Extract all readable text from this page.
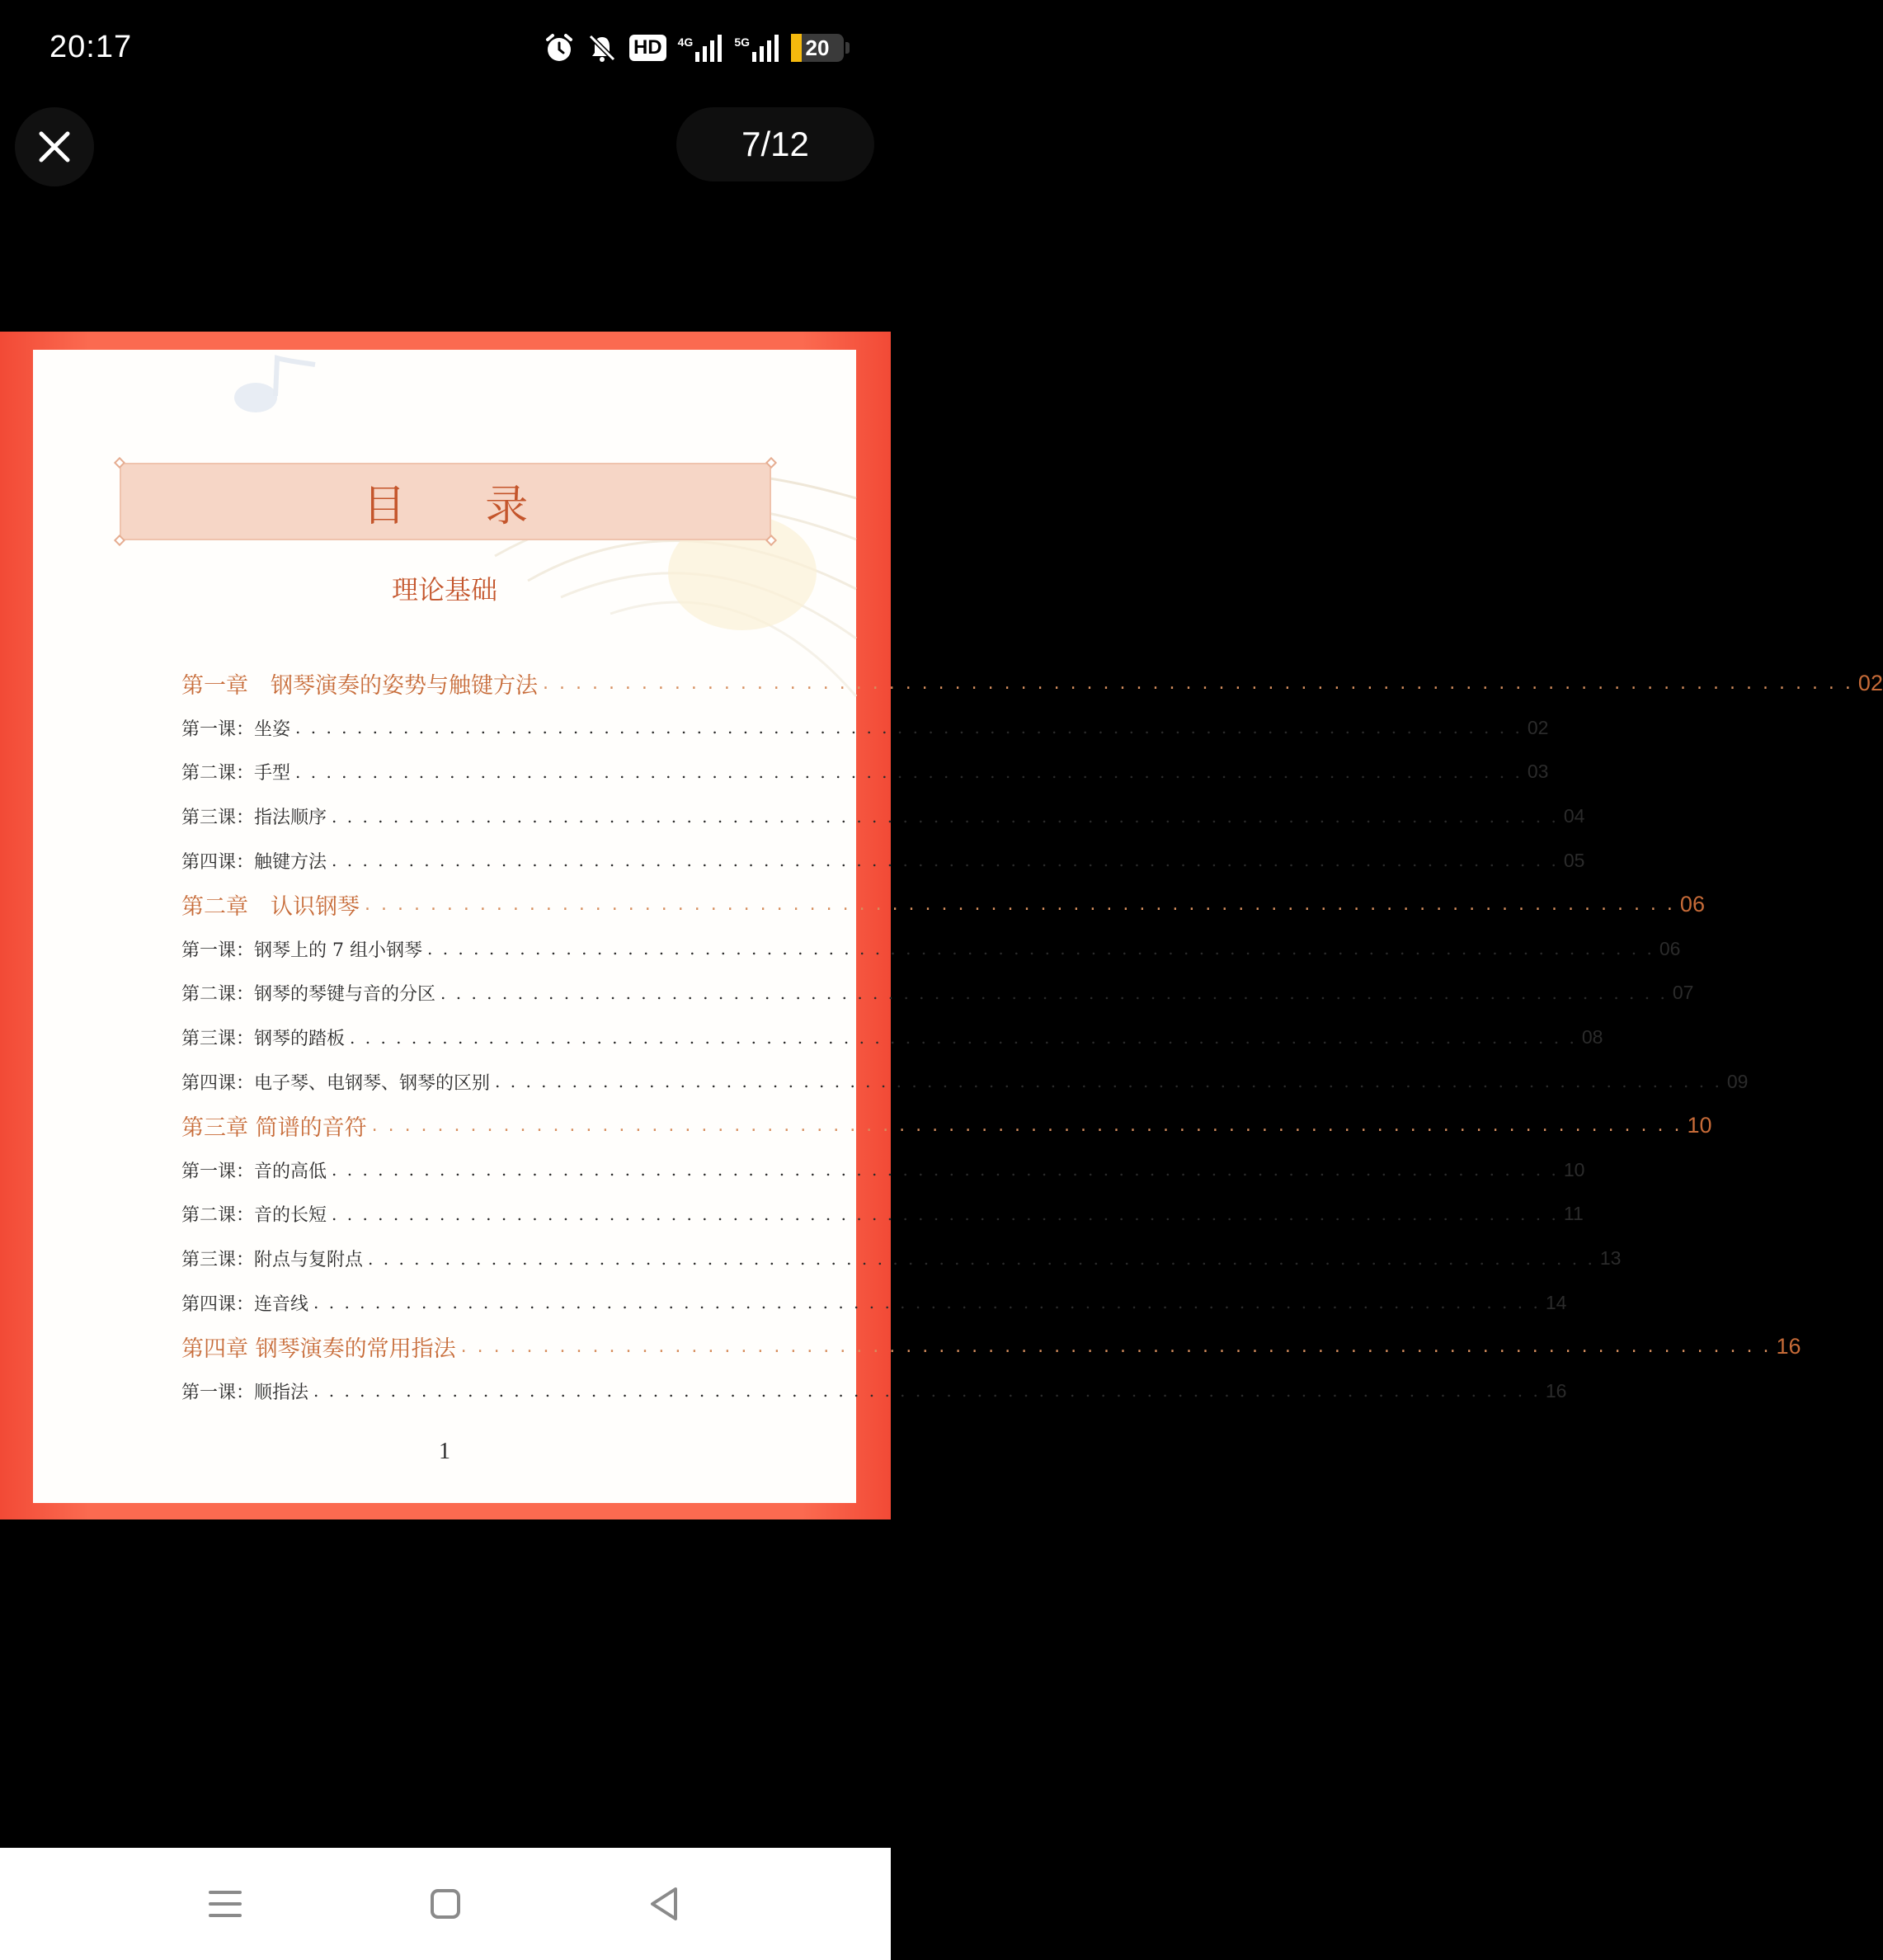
20:17	HD	4G	5G	20
7/12
目 录
理论基础
第一章　钢琴演奏的姿势与触键方法 . . . . . . . . . . . . . . . . . . . . . . . . . . . . . . . . . . . . . . . . . . . . . . . . . . . . . . . . . . . . . . . . . . . . . . . . . . . . . . . . 02
第一课：坐姿 . . . . . . . . . . . . . . . . . . . . . . . . . . . . . . . . . . . . . . . . . . . . . . . . . . . . . . . . . . . . . . . . . . . . . . . . . . . . . . . . 02
第二课：手型 . . . . . . . . . . . . . . . . . . . . . . . . . . . . . . . . . . . . . . . . . . . . . . . . . . . . . . . . . . . . . . . . . . . . . . . . . . . . . . . . 03
第三课：指法顺序 . . . . . . . . . . . . . . . . . . . . . . . . . . . . . . . . . . . . . . . . . . . . . . . . . . . . . . . . . . . . . . . . . . . . . . . . . . . . . . . . 04
第四课：触键方法 . . . . . . . . . . . . . . . . . . . . . . . . . . . . . . . . . . . . . . . . . . . . . . . . . . . . . . . . . . . . . . . . . . . . . . . . . . . . . . . . 05
第二章　认识钢琴 . . . . . . . . . . . . . . . . . . . . . . . . . . . . . . . . . . . . . . . . . . . . . . . . . . . . . . . . . . . . . . . . . . . . . . . . . . . . . . . . 06
第一课：钢琴上的 7 组小钢琴 . . . . . . . . . . . . . . . . . . . . . . . . . . . . . . . . . . . . . . . . . . . . . . . . . . . . . . . . . . . . . . . . . . . . . . . . . . . . . . . . 06
第二课：钢琴的琴键与音的分区 . . . . . . . . . . . . . . . . . . . . . . . . . . . . . . . . . . . . . . . . . . . . . . . . . . . . . . . . . . . . . . . . . . . . . . . . . . . . . . . . 07
第三课：钢琴的踏板 . . . . . . . . . . . . . . . . . . . . . . . . . . . . . . . . . . . . . . . . . . . . . . . . . . . . . . . . . . . . . . . . . . . . . . . . . . . . . . . . 08
第四课：电子琴、电钢琴、钢琴的区别 . . . . . . . . . . . . . . . . . . . . . . . . . . . . . . . . . . . . . . . . . . . . . . . . . . . . . . . . . . . . . . . . . . . . . . . . . . . . . . . . 09
第三章 简谱的音符 . . . . . . . . . . . . . . . . . . . . . . . . . . . . . . . . . . . . . . . . . . . . . . . . . . . . . . . . . . . . . . . . . . . . . . . . . . . . . . . . 10
第一课：音的高低 . . . . . . . . . . . . . . . . . . . . . . . . . . . . . . . . . . . . . . . . . . . . . . . . . . . . . . . . . . . . . . . . . . . . . . . . . . . . . . . . 10
第二课：音的长短 . . . . . . . . . . . . . . . . . . . . . . . . . . . . . . . . . . . . . . . . . . . . . . . . . . . . . . . . . . . . . . . . . . . . . . . . . . . . . . . . 11
第三课：附点与复附点 . . . . . . . . . . . . . . . . . . . . . . . . . . . . . . . . . . . . . . . . . . . . . . . . . . . . . . . . . . . . . . . . . . . . . . . . . . . . . . . . 13
第四课：连音线 . . . . . . . . . . . . . . . . . . . . . . . . . . . . . . . . . . . . . . . . . . . . . . . . . . . . . . . . . . . . . . . . . . . . . . . . . . . . . . . . 14
第四章 钢琴演奏的常用指法 . . . . . . . . . . . . . . . . . . . . . . . . . . . . . . . . . . . . . . . . . . . . . . . . . . . . . . . . . . . . . . . . . . . . . . . . . . . . . . . . 16
第一课：顺指法 . . . . . . . . . . . . . . . . . . . . . . . . . . . . . . . . . . . . . . . . . . . . . . . . . . . . . . . . . . . . . . . . . . . . . . . . . . . . . . . . 16
1
